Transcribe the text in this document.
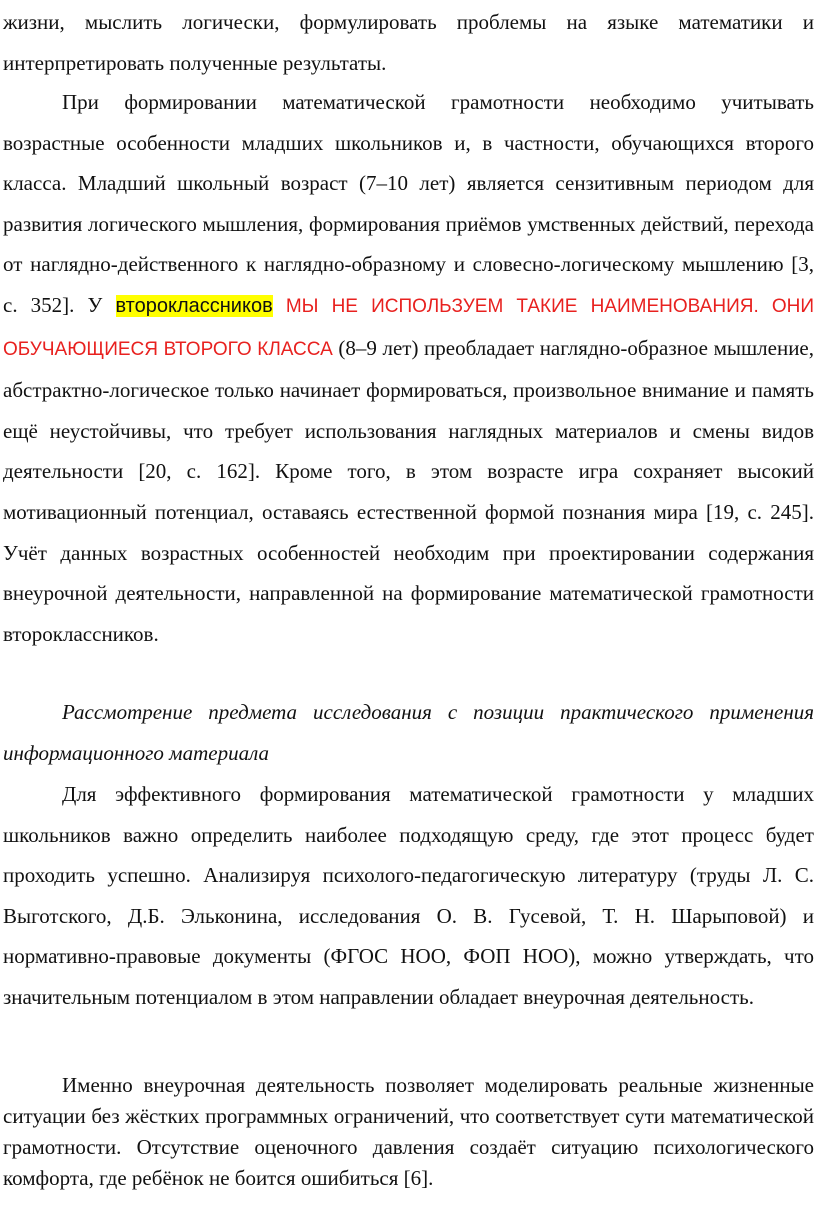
жизни, мыслить логически, формулировать проблемы на языке математики и интерпретировать полученные результаты.

При формировании математической грамотности необходимо учитывать возрастные особенности младших школьников и, в частности, обучающихся второго класса. Младший школьный возраст (7–10 лет) является сензитивным периодом для развития логического мышления, формирования приёмов умственных действий, перехода от наглядно-действенного к наглядно-образному и словесно-логическому мышлению [3, с. 352]. У второклассников МЫ НЕ ИСПОЛЬЗУЕМ ТАКИЕ НАИМЕНОВАНИЯ. ОНИ ОБУЧАЮЩИЕСЯ ВТОРОГО КЛАССА (8–9 лет) преобладает наглядно-образное мышление, абстрактно-логическое только начинает формироваться, произвольное внимание и память ещё неустойчивы, что требует использования наглядных материалов и смены видов деятельности [20, с. 162]. Кроме того, в этом возрасте игра сохраняет высокий мотивационный потенциал, оставаясь естественной формой познания мира [19, с. 245]. Учёт данных возрастных особенностей необходим при проектировании содержания внеурочной деятельности, направленной на формирование математической грамотности второклассников.

Рассмотрение предмета исследования с позиции практического применения информационного материала

Для эффективного формирования математической грамотности у младших школьников важно определить наиболее подходящую среду, где этот процесс будет проходить успешно. Анализируя психолого-педагогическую литературу (труды Л. С. Выготского, Д.Б. Эльконина, исследования О. В. Гусевой, Т. Н. Шарыповой) и нормативно-правовые документы (ФГОС НОО, ФОП НОО), можно утверждать, что значительным потенциалом в этом направлении обладает внеурочная деятельность.

Именно внеурочная деятельность позволяет моделировать реальные жизненные ситуации без жёстких программных ограничений, что соответствует сути математической грамотности. Отсутствие оценочного давления создаёт ситуацию психологического комфорта, где ребёнок не боится ошибиться [6].
